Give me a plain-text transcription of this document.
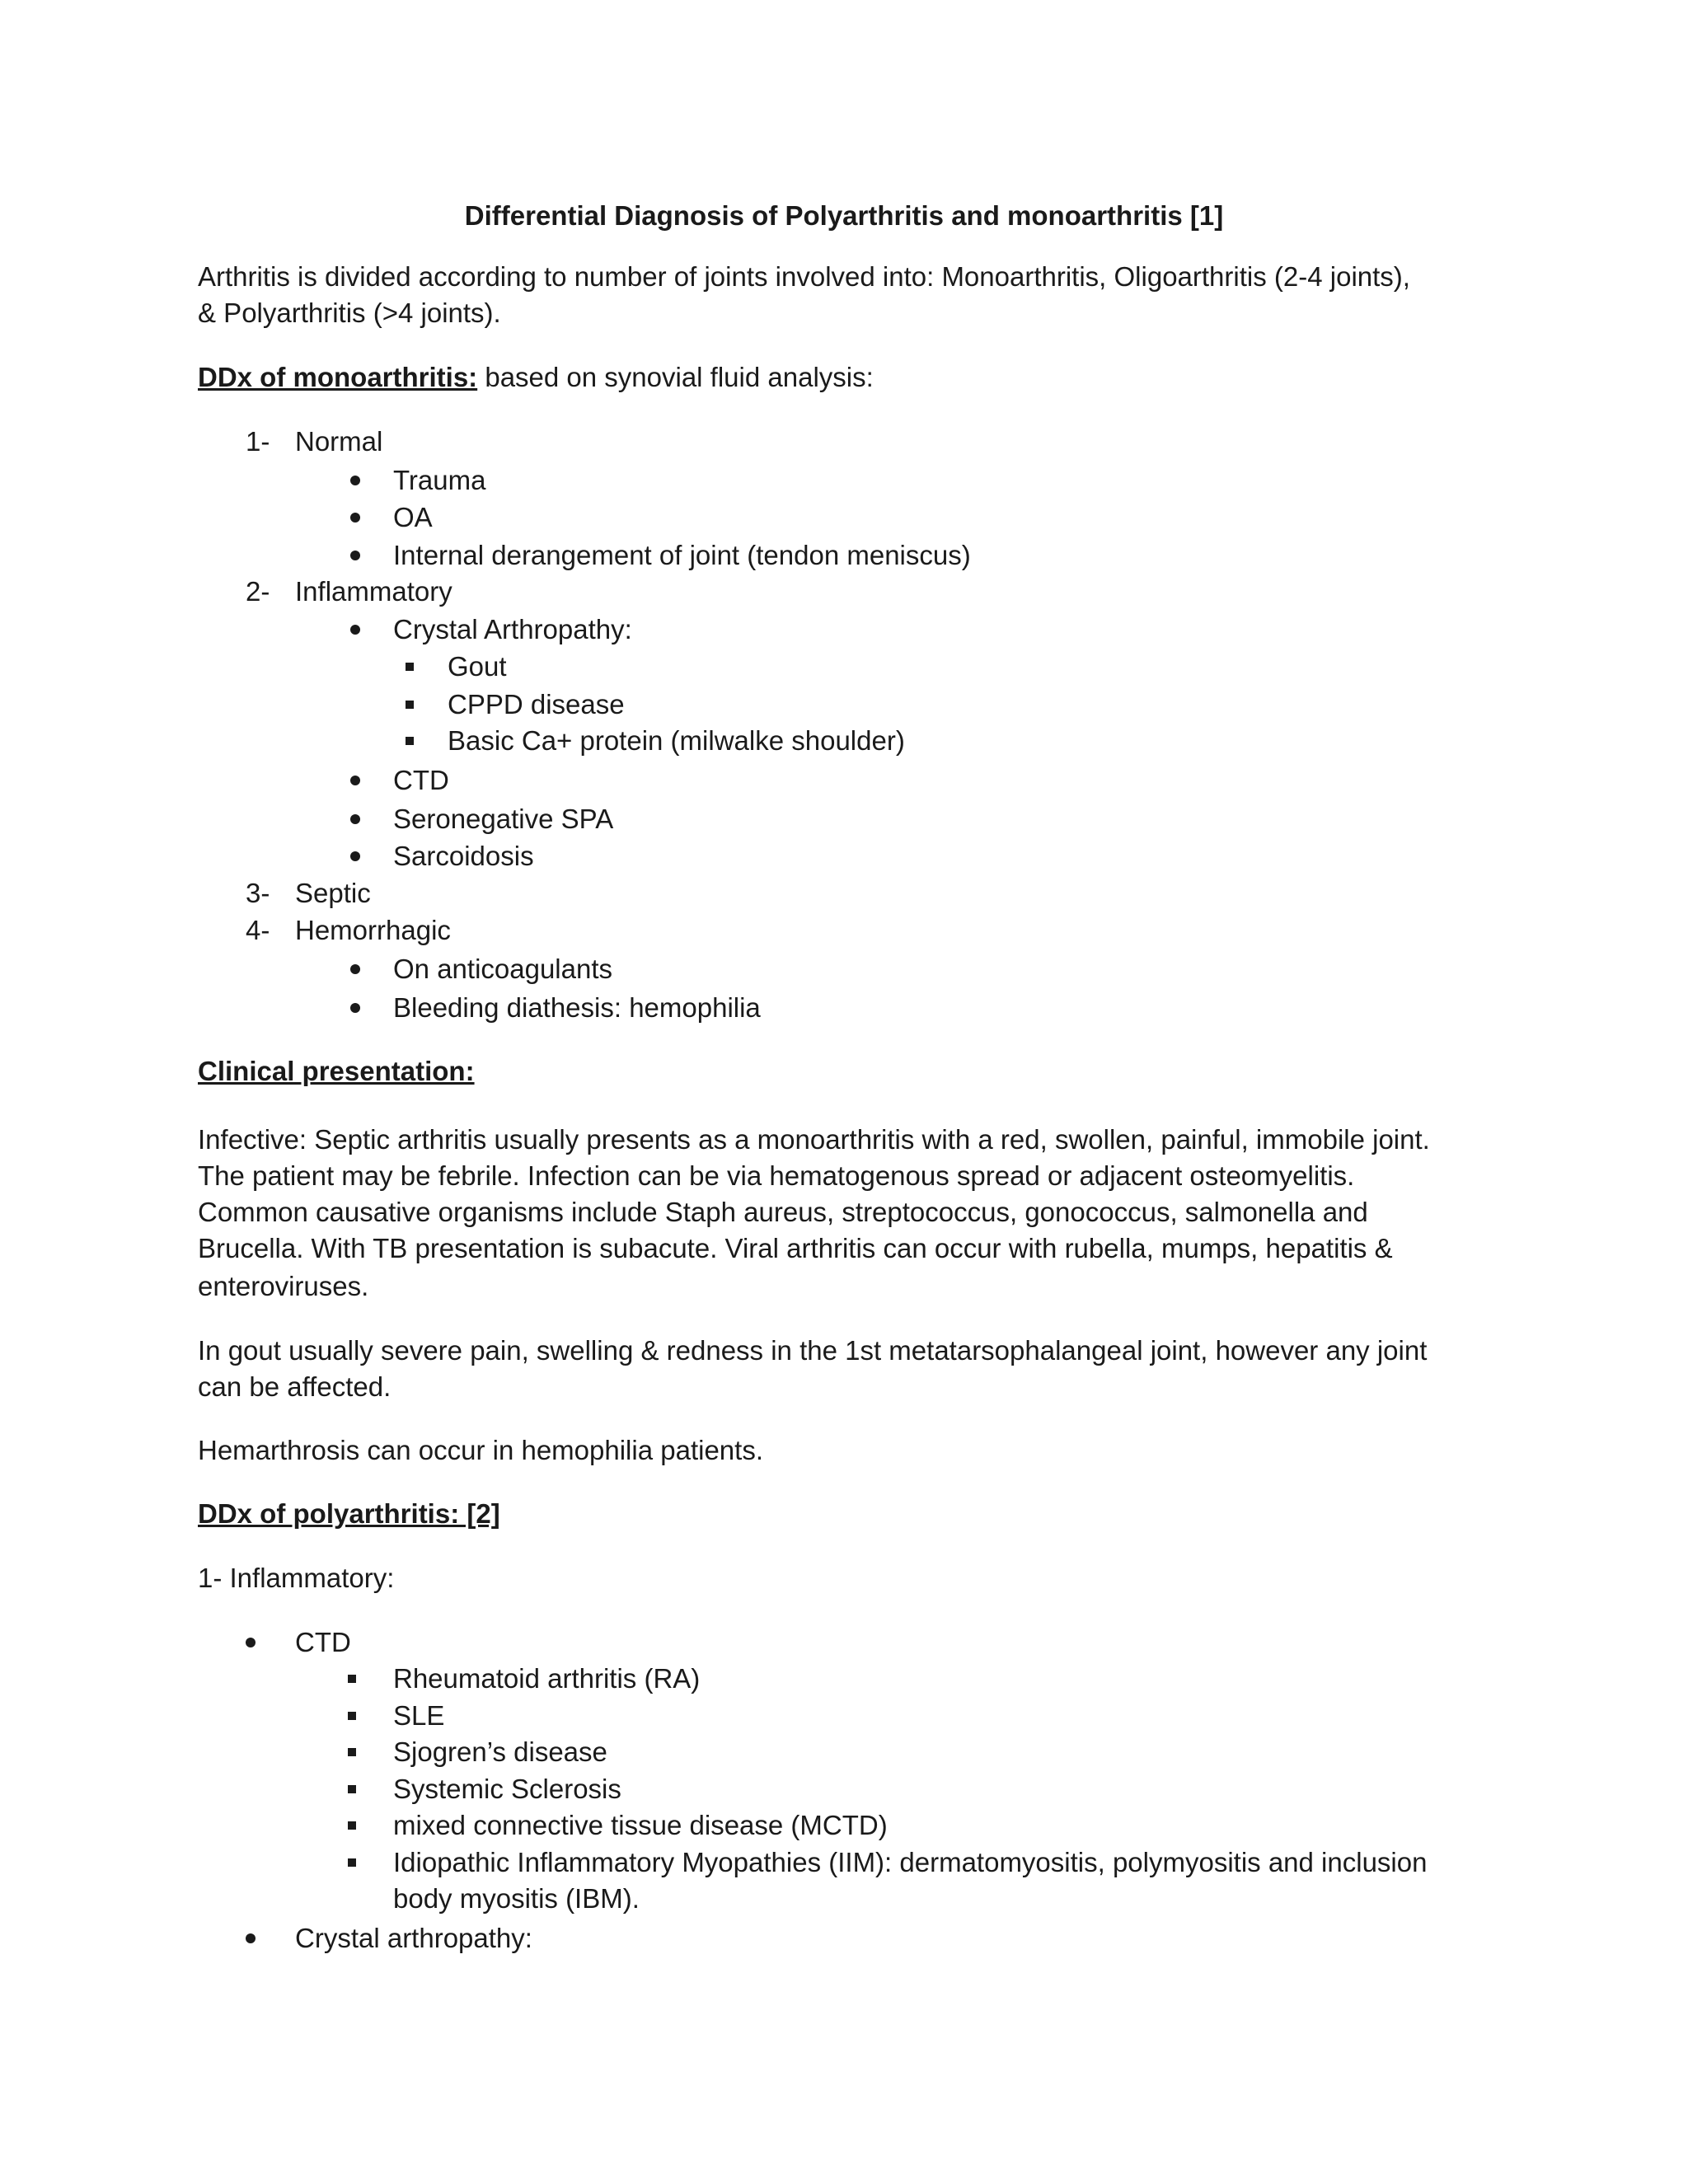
Differential Diagnosis of Polyarthritis and monoarthritis [1]
Arthritis is divided according to number of joints involved into: Monoarthritis, Oligoarthritis (2-4 joints),
& Polyarthritis (>4 joints).
DDx of monoarthritis: based on synovial fluid analysis:
1- Normal
Trauma
OA
Internal derangement of joint (tendon meniscus)
2- Inflammatory
Crystal Arthropathy:
Gout
CPPD disease
Basic Ca+ protein (milwalke shoulder)
CTD
Seronegative SPA
Sarcoidosis
3- Septic
4- Hemorrhagic
On anticoagulants
Bleeding diathesis: hemophilia
Clinical presentation:
Infective: Septic arthritis usually presents as a monoarthritis with a red, swollen, painful, immobile joint.
The patient may be febrile. Infection can be via hematogenous spread or adjacent osteomyelitis.
Common causative organisms include Staph aureus, streptococcus, gonococcus, salmonella and
Brucella. With TB presentation is subacute. Viral arthritis can occur with rubella, mumps, hepatitis &
enteroviruses.
In gout usually severe pain, swelling & redness in the 1st metatarsophalangeal joint, however any joint
can be affected.
Hemarthrosis can occur in hemophilia patients.
DDx of polyarthritis: [2]
1- Inflammatory:
CTD
Rheumatoid arthritis (RA)
SLE
Sjogren’s disease
Systemic Sclerosis
mixed connective tissue disease (MCTD)
Idiopathic Inflammatory Myopathies (IIM): dermatomyositis, polymyositis and inclusion
body myositis (IBM).
Crystal arthropathy:
